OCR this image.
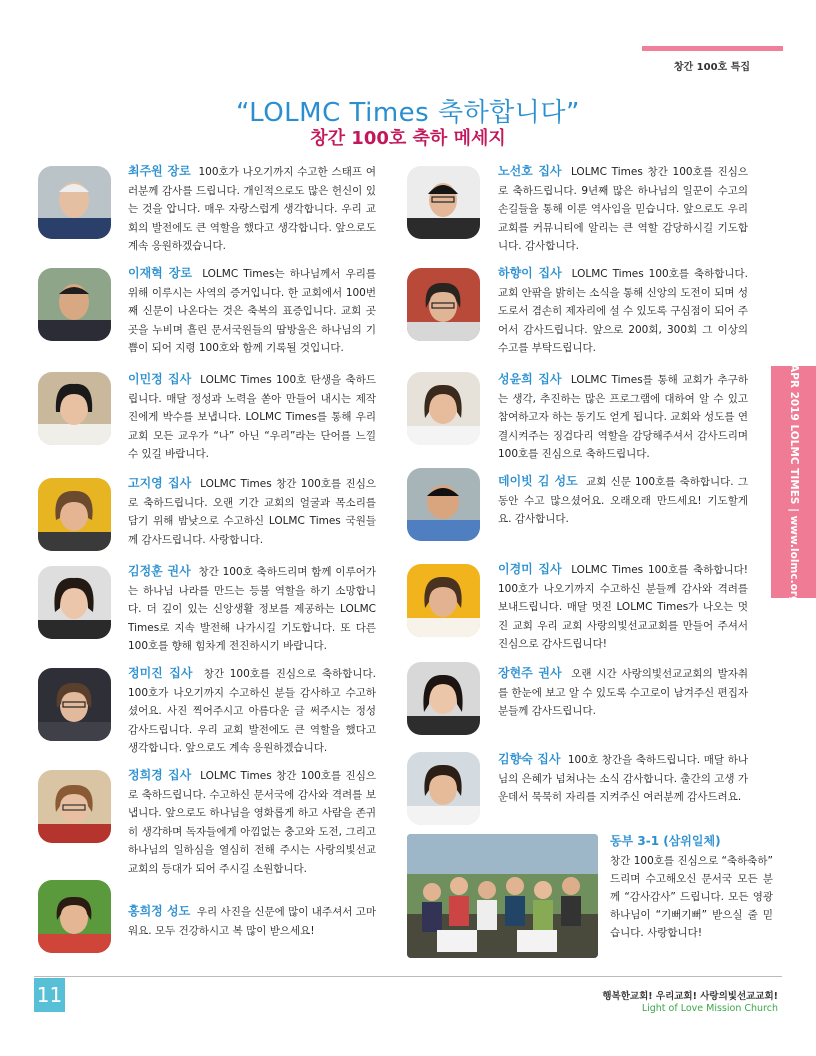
창간 100호 특집
“LOLMC Times 축하합니다”
창간 100호 축하 메세지
최주원 장로 100호가 나오기까지 수고한 스태프 여러분께 감사를 드립니다. 개인적으로도 많은 헌신이 있는 것을 압니다. 매우 자랑스럽게 생각합니다. 우리 교회의 발전에도 큰 역할을 했다고 생각합니다. 앞으로도 계속 응원하겠습니다.
이재혁 장로 LOLMC Times는 하나님께서 우리를 위해 이루시는 사역의 증거입니다. 한 교회에서 100번째 신문이 나온다는 것은 축복의 표증입니다. 교회 곳곳을 누비며 흘린 문서국원들의 땀방울은 하나님의 기쁨이 되어 지령 100호와 함께 기록될 것입니다.
이민정 집사 LOLMC Times 100호 탄생을 축하드립니다. 매달 정성과 노력을 쏟아 만들어 내시는 제작진에게 박수를 보냅니다. LOLMC Times를 통해 우리 교회 모든 교우가 “나” 아닌 “우리”라는 단어를 느낄 수 있길 바랍니다.
고지영 집사 LOLMC Times 창간 100호를 진심으로 축하드립니다. 오랜 기간 교회의 얼굴과 목소리를 담기 위해 밤낮으로 수고하신 LOLMC Times 국원들께 감사드립니다. 사랑합니다.
김정훈 권사 창간 100호 축하드리며 함께 이루어가는 하나님 나라를 만드는 등불 역할을 하기 소망합니다. 더 깊이 있는 신앙생활 정보를 제공하는 LOLMC Times로 지속 발전해 나가시길 기도합니다. 또 다른 100호를 향해 힘차게 전진하시기 바랍니다.
정미진 집사 창간 100호를 진심으로 축하합니다. 100호가 나오기까지 수고하신 분들 감사하고 수고하셨어요. 사진 찍어주시고 아름다운 글 써주시는 정성 감사드립니다. 우리 교회 발전에도 큰 역할을 했다고 생각합니다. 앞으로도 계속 응원하겠습니다.
정희경 집사 LOLMC Times 창간 100호를 진심으로 축하드립니다. 수고하신 문서국에 감사와 격려를 보냅니다. 앞으로도 하나님을 영화롭게 하고 사람을 존귀히 생각하며 독자들에게 아낌없는 충고와 도전, 그리고 하나님의 일하심을 열심히 전해 주시는 사랑의빛선교교회의 등대가 되어 주시길 소원합니다.
홍희정 성도 우리 사진을 신문에 많이 내주셔서 고마워요. 모두 건강하시고 복 많이 받으세요!
노선호 집사 LOLMC Times 창간 100호를 진심으로 축하드립니다. 9년째 많은 하나님의 일꾼이 수고의 손길들을 통해 이룬 역사임을 믿습니다. 앞으로도 우리 교회를 커뮤니티에 알리는 큰 역할 감당하시길 기도합니다. 감사합니다.
하향이 집사 LOLMC Times 100호를 축하합니다. 교회 안팎을 밝히는 소식을 통해 신앙의 도전이 되며 성도로서 겸손히 제자리에 설 수 있도록 구심점이 되어 주어서 감사드립니다. 앞으로 200회, 300회 그 이상의 수고를 부탁드립니다.
성윤희 집사 LOLMC Times를 통해 교회가 추구하는 생각, 추진하는 많은 프로그램에 대하여 알 수 있고 참여하고자 하는 동기도 얻게 됩니다. 교회와 성도를 연결시켜주는 징검다리 역할을 감당해주셔서 감사드리며 100호를 진심으로 축하드립니다.
데이빗 김 성도 교회 신문 100호를 축하합니다. 그 동안 수고 많으셨어요. 오래오래 만드세요! 기도할게요. 감사합니다.
이경미 집사 LOLMC Times 100호를 축하합니다! 100호가 나오기까지 수고하신 분들께 감사와 격려를 보내드립니다. 매달 멋진 LOLMC Times가 나오는 멋진 교회 우리 교회 사랑의빛선교교회를 만들어 주셔서 진심으로 감사드립니다!
장현주 권사 오랜 시간 사랑의빛선교교회의 발자취를 한눈에 보고 알 수 있도록 수고로이 남겨주신 편집자분들께 감사드립니다.
김향숙 집사 100호 창간을 축하드립니다. 매달 하나님의 은혜가 넘쳐나는 소식 감사합니다. 출간의 고생 가운데서 묵묵히 자리를 지켜주신 여러분께 감사드려요.
동부 3-1 (삼위일체)
창간 100호를 진심으로 “축하축하” 드리며 수고해오신 문서국 모든 분께 “감사감사” 드립니다. 모든 영광 하나님이 “기뻐기뻐” 받으실 줄 믿습니다. 사랑합니다!
APR 2019 LOLMC TIMES | www.lolmc.org
11	행복한교회! 우리교회! 사랑의빛선교교회!
Light of Love Mission Church
